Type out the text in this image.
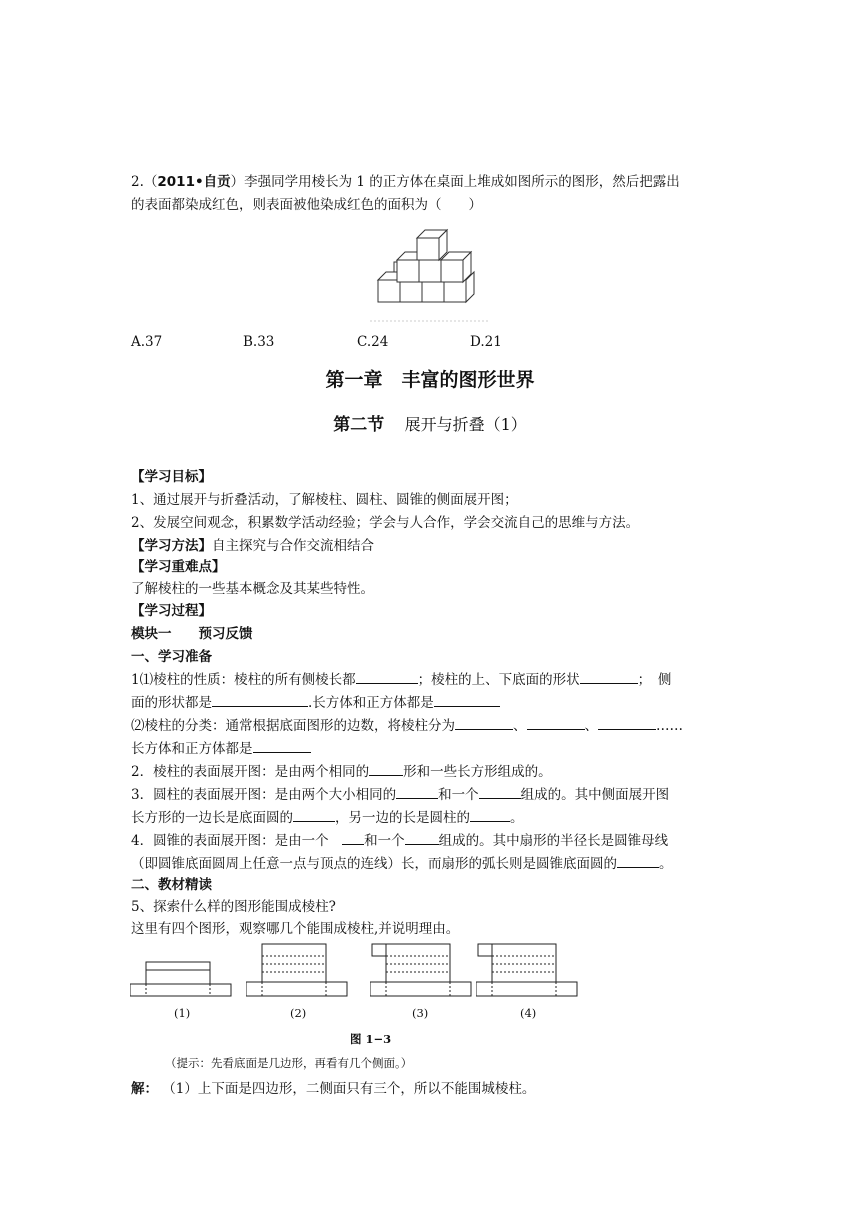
2.（2011•自贡）李强同学用棱长为 1 的正方体在桌面上堆成如图所示的图形，然后把露出
的表面都染成红色，则表面被他染成红色的面积为（　　）
A.37	B.33	C.24	D.21
第一章　丰富的图形世界
第二节 展开与折叠（1）
【学习目标】
1、通过展开与折叠活动，了解棱柱、圆柱、圆锥的侧面展开图；
2、发展空间观念，积累数学活动经验；学会与人合作，学会交流自己的思维与方法。
【学习方法】自主探究与合作交流相结合
【学习重难点】
了解棱柱的一些基本概念及其某些特性。
【学习过程】
模块一　　预习反馈
一、学习准备
1⑴棱柱的性质：棱柱的所有侧棱长都	；棱柱的上、下底面的形状	；　侧
面的形状都是	.长方体和正方体都是
⑵棱柱的分类：通常根据底面图形的边数，将棱柱分为	、	、	……
长方体和正方体都是
2．棱柱的表面展开图：是由两个相同的	形和一些长方形组成的。
3．圆柱的表面展开图：是由两个大小相同的	和一个	组成的。其中侧面展开图
长方形的一边长是底面圆的	，另一边的长是圆柱的	。
4．圆锥的表面展开图：是由一个　和一个	组成的。其中扇形的半径长是圆锥母线
（即圆锥底面圆周上任意一点与顶点的连线）长，而扇形的弧长则是圆锥底面圆的	。
二、教材精读
5、探索什么样的图形能围成棱柱?
这里有四个图形，观察哪几个能围成棱柱,并说明理由。
(1)	(2)	(3)	(4)
图 1−3
（提示：先看底面是几边形，再看有几个侧面。）
解： （1）上下面是四边形，二侧面只有三个，所以不能围城棱柱。
